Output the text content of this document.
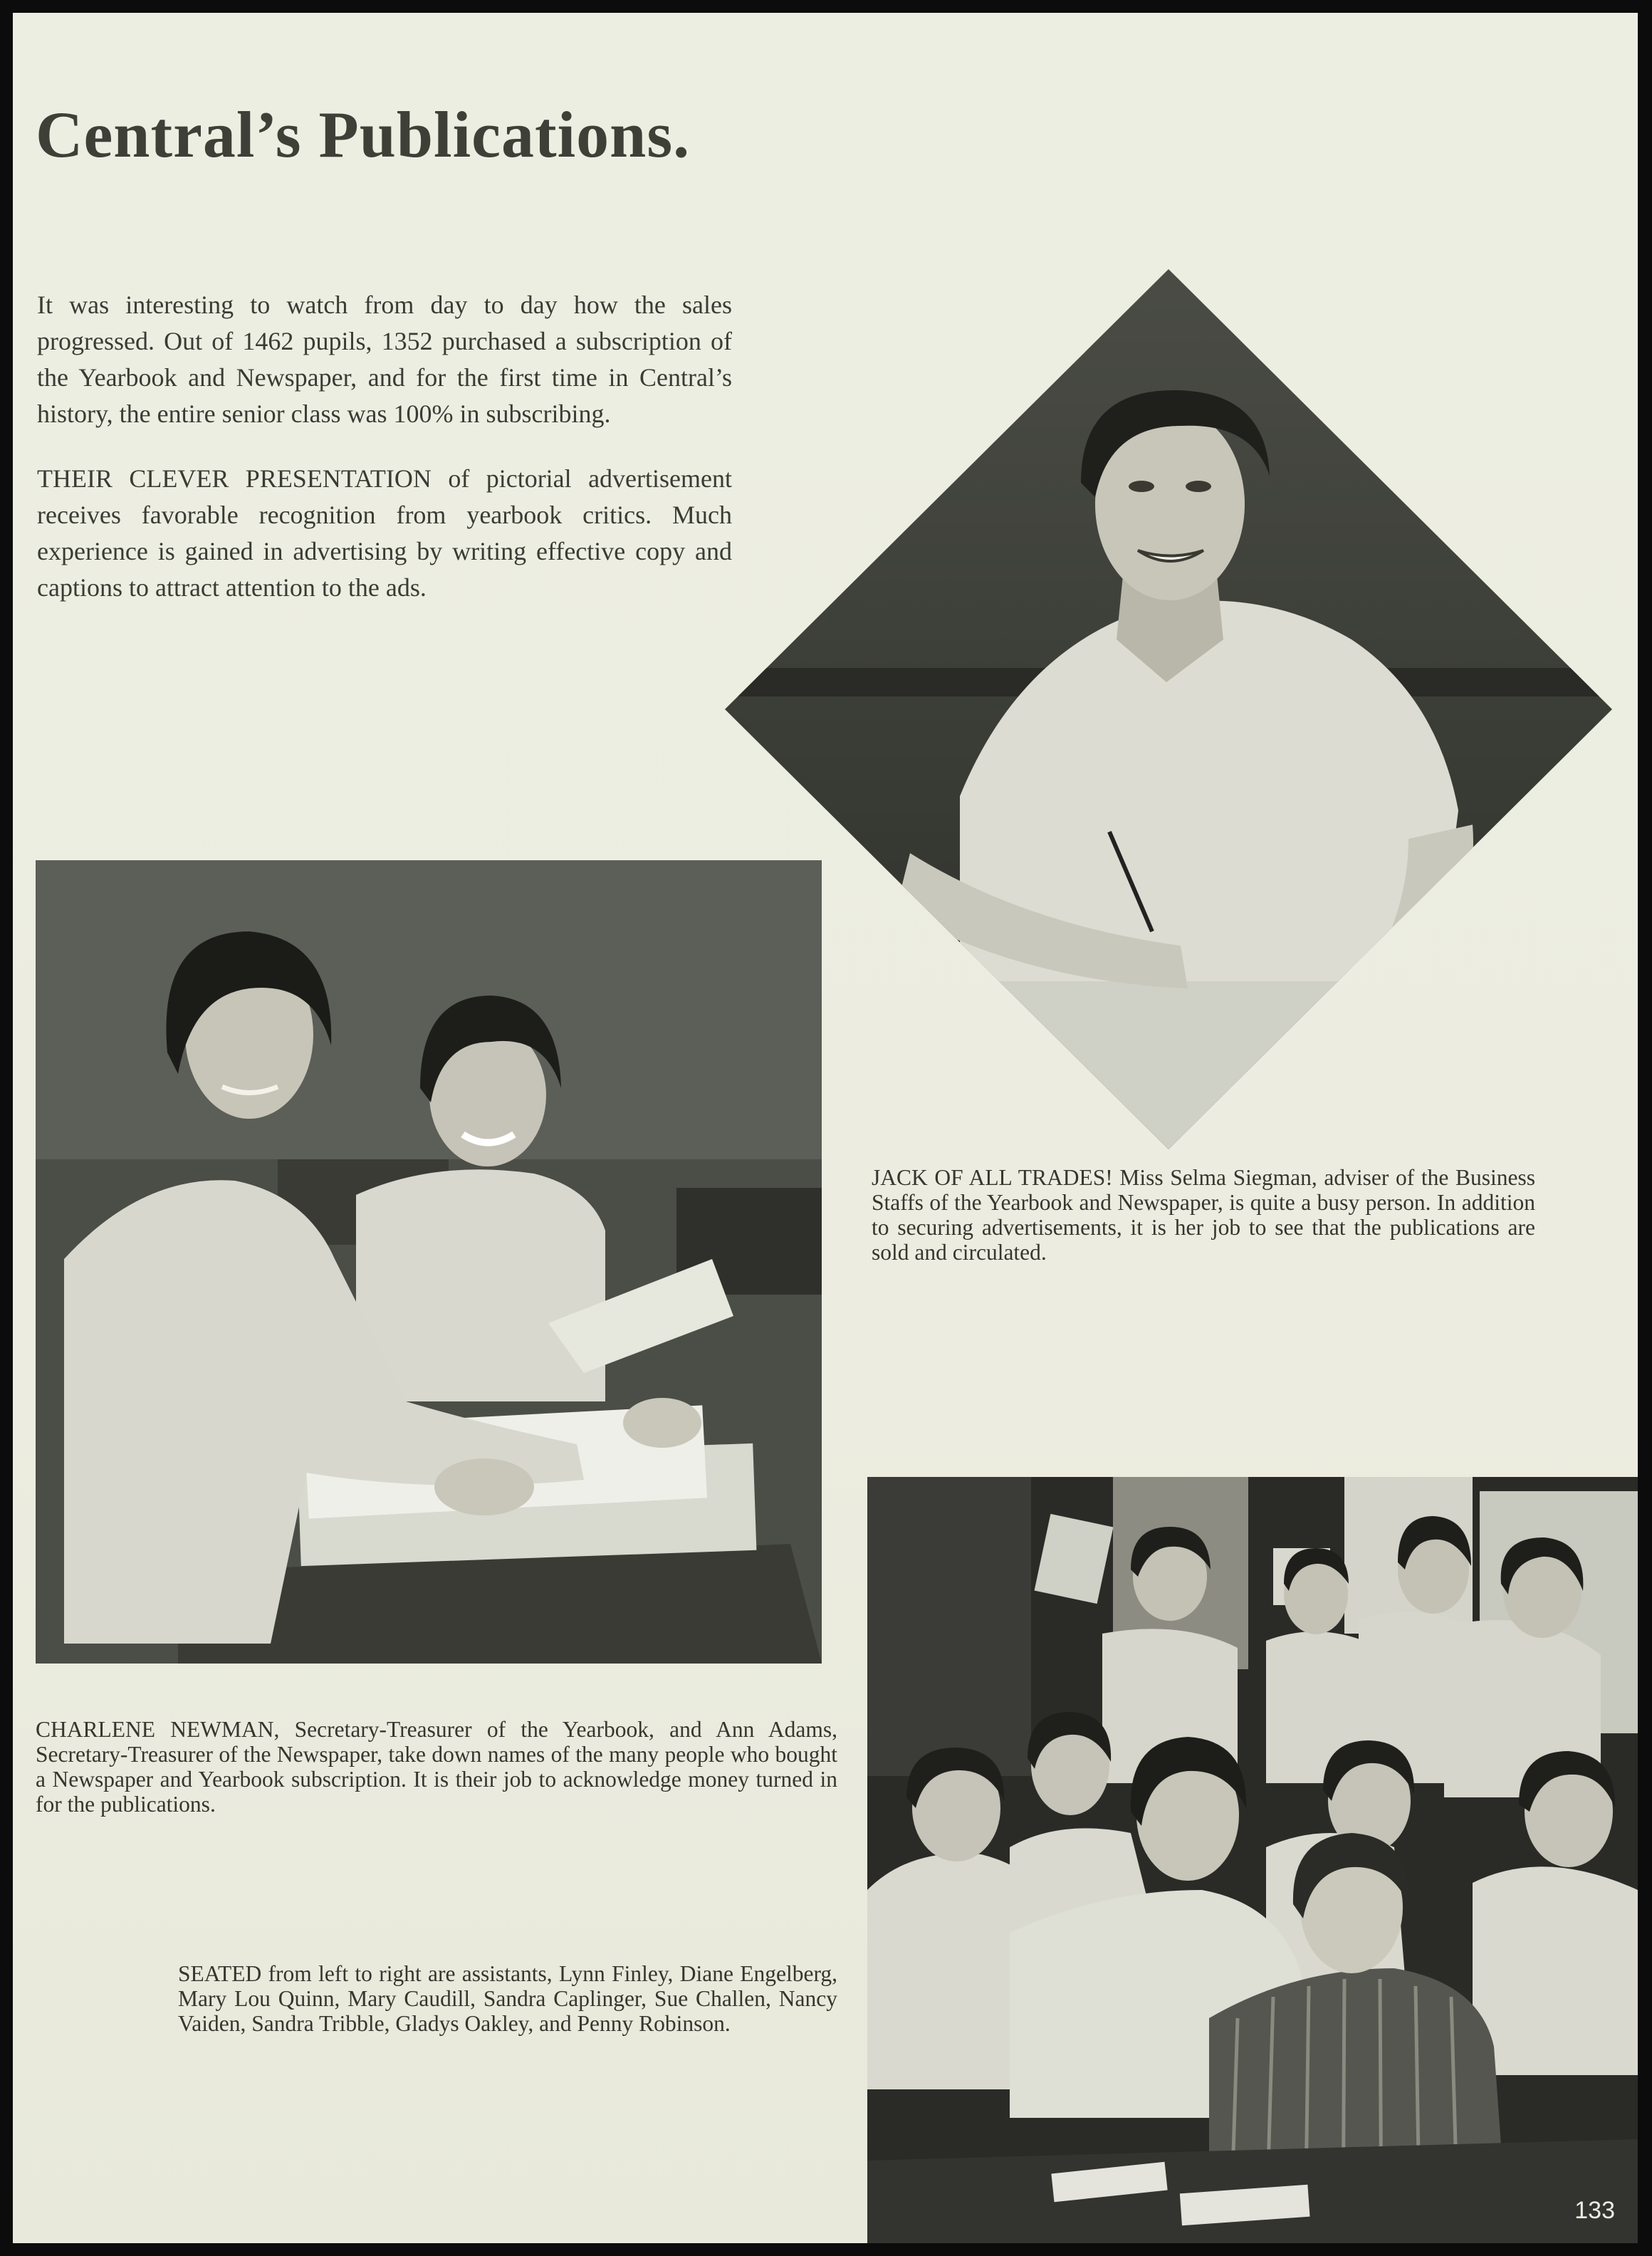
Central’s Publications.

It was interesting to watch from day to day how the sales progressed. Out of 1462 pupils, 1352 purchased a subscription of the Yearbook and Newspaper, and for the first time in Central’s history, the entire senior class was 100% in subscribing.

THEIR CLEVER PRESENTATION of pictorial advertisement receives favorable recognition from yearbook critics. Much experience is gained in advertising by writing effective copy and captions to attract attention to the ads.

JACK OF ALL TRADES! Miss Selma Siegman, adviser of the Business Staffs of the Yearbook and Newspaper, is quite a busy person. In addition to securing advertisements, it is her job to see that the publications are sold and circulated.

CHARLENE NEWMAN, Secretary-Treasurer of the Yearbook, and Ann Adams, Secretary-Treasurer of the Newspaper, take down names of the many people who bought a Newspaper and Yearbook subscription. It is their job to acknowledge money turned in for the publications.

SEATED from left to right are assistants, Lynn Finley, Diane Engelberg, Mary Lou Quinn, Mary Caudill, Sandra Caplinger, Sue Challen, Nancy Vaiden, Sandra Tribble, Gladys Oakley, and Penny Robinson.

133
